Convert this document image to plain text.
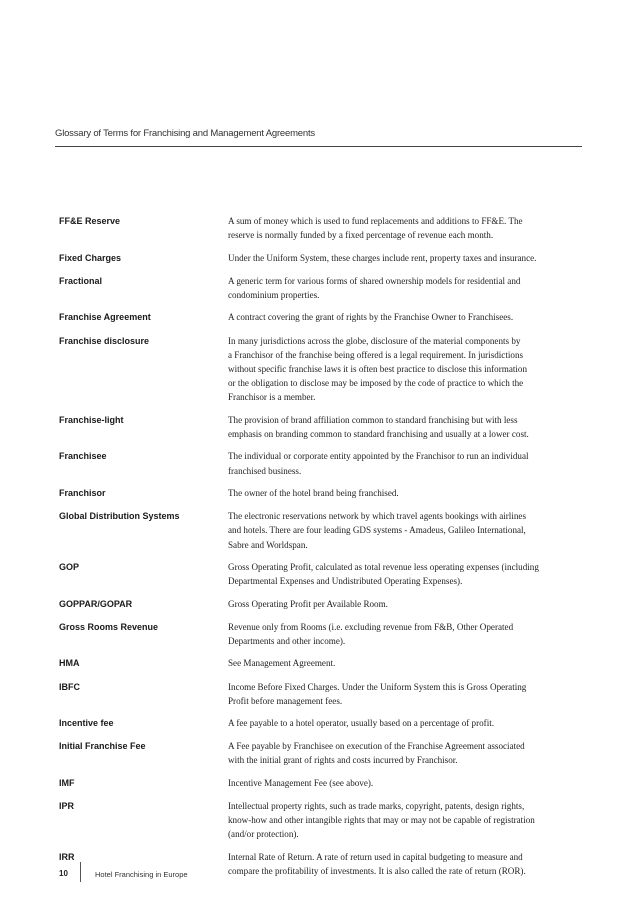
Glossary of Terms for Franchising and Management Agreements
FF&E Reserve	A sum of money which is used to fund replacements and additions to FF&E. The
reserve is normally funded by a fixed percentage of revenue each month.
Fixed Charges	Under the Uniform System, these charges include rent, property taxes and insurance.
Fractional	A generic term for various forms of shared ownership models for residential and
condominium properties.
Franchise Agreement	A contract covering the grant of rights by the Franchise Owner to Franchisees.
Franchise disclosure	In many jurisdictions across the globe, disclosure of the material components by
a Franchisor of the franchise being offered is a legal requirement. In jurisdictions
without specific franchise laws it is often best practice to disclose this information
or the obligation to disclose may be imposed by the code of practice to which the
Franchisor is a member.
Franchise-light	The provision of brand affiliation common to standard franchising but with less
emphasis on branding common to standard franchising and usually at a lower cost.
Franchisee	The individual or corporate entity appointed by the Franchisor to run an individual
franchised business.
Franchisor	The owner of the hotel brand being franchised.
Global Distribution Systems	The electronic reservations network by which travel agents bookings with airlines
and hotels. There are four leading GDS systems - Amadeus, Galileo International,
Sabre and Worldspan.
GOP	Gross Operating Profit, calculated as total revenue less operating expenses (including
Departmental Expenses and Undistributed Operating Expenses).
GOPPAR/GOPAR	Gross Operating Profit per Available Room.
Gross Rooms Revenue	Revenue only from Rooms (i.e. excluding revenue from F&B, Other Operated
Departments and other income).
HMA	See Management Agreement.
IBFC	Income Before Fixed Charges. Under the Uniform System this is Gross Operating
Profit before management fees.
Incentive fee	A fee payable to a hotel operator, usually based on a percentage of profit.
Initial Franchise Fee	A Fee payable by Franchisee on execution of the Franchise Agreement associated
with the initial grant of rights and costs incurred by Franchisor.
IMF	Incentive Management Fee (see above).
IPR	Intellectual property rights, such as trade marks, copyright, patents, design rights,
know-how and other intangible rights that may or may not be capable of registration
(and/or protection).
IRR	Internal Rate of Return. A rate of return used in capital budgeting to measure and
compare the profitability of investments. It is also called the rate of return (ROR).
10	Hotel Franchising in Europe
